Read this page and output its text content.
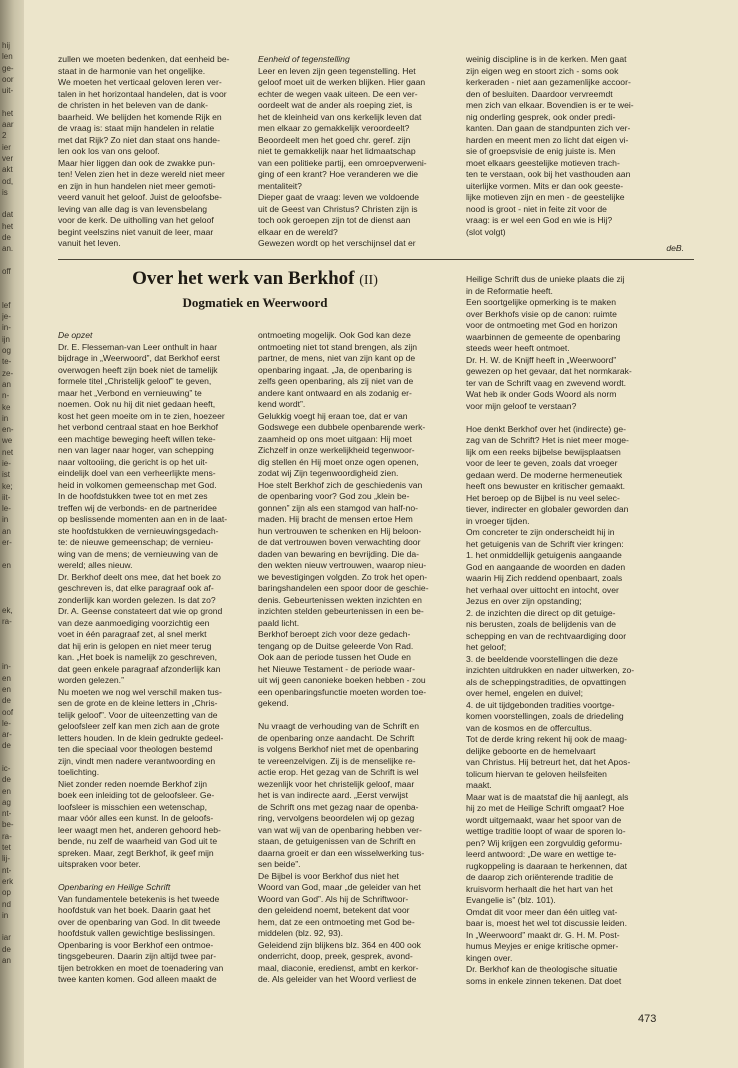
hij
len
ge-
oor
uit-

het
aar
2
ier
ver
akt
od,
is

dat
het
de
an.

off

lef
je-
in-
ijn
og
te-
ze-
an
n-
ke
in
en-
we
net
ie-
ist
ke;
iit-
le-
in
an
er-

en

ek,
ra-

in-
en
en
de
oof
le-
ar-
de

ic-
de
en
ag
nt-
be-
ra-
tet
lij-
nt-
erk
op
nd
in

iar
de
an

zullen we moeten bedenken, dat eenheid be-

staat in de harmonie van het ongelijke.

We moeten het verticaal geloven leren ver-

talen in het horizontaal handelen, dat is voor

de christen in het beleven van de dank-

baarheid. We belijden het komende Rijk en

de vraag is: staat mijn handelen in relatie

met dat Rijk? Zo niet dan staat ons hande-

len ook los van ons geloof.

Maar hier liggen dan ook de zwakke pun-

ten! Velen zien het in deze wereld niet meer

en zijn in hun handelen niet meer gemoti-

veerd vanuit het geloof. Juist de geloofsbe-

leving van alle dag is van levensbelang

voor de kerk. De uitholling van het geloof

begint veelszins niet vanuit de leer, maar

vanuit het leven.

Eenheid of tegenstelling

Leer en leven zijn geen tegenstelling. Het

geloof moet uit de werken blijken. Hier gaan

echter de wegen vaak uiteen. De een ver-

oordeelt wat de ander als roeping ziet, is

het de kleinheid van ons kerkelijk leven dat

men elkaar zo gemakkelijk veroordeelt?

Beoordeelt men het goed chr. geref. zijn

niet te gemakkelijk naar het lidmaatschap

van een politieke partij, een omroepverweni-

ging of een krant? Hoe veranderen we die

mentaliteit?

Dieper gaat de vraag: leven we voldoende

uit de Geest van Christus? Christen zijn is

toch ook geroepen zijn tot de dienst aan

elkaar en de wereld?

Gewezen wordt op het verschijnsel dat er

weinig discipline is in de kerken. Men gaat

zijn eigen weg en stoort zich - soms ook

kerkeraden - niet aan gezamenlijke accoor-

den of besluiten. Daardoor vervreemdt

men zich van elkaar. Bovendien is er te wei-

nig onderling gesprek, ook onder predi-

kanten. Dan gaan de standpunten zich ver-

harden en meent men zo licht dat eigen vi-

sie of groepsvisie de enig juiste is. Men

moet elkaars geestelijke motieven trach-

ten te verstaan, ook bij het vasthouden aan

uiterlijke vormen. Mits er dan ook geeste-

lijke motieven zijn en men - de geestelijke

nood is groot - niet in feite zit voor de

vraag: is er wel een God en wie is Hij?

(slot volgt)

deB.
Over het werk van Berkhof (II)
Dogmatiek en Weerwoord

De opzet

Dr. E. Flesseman-van Leer onthult in haar

bijdrage in „Weerwoord”, dat Berkhof eerst

overwogen heeft zijn boek niet de tamelijk

formele titel „Christelijk geloof” te geven,

maar het „Verbond en vernieuwing” te

noemen. Ook nu hij dit niet gedaan heeft,

kost het geen moeite om in te zien, hoezeer

het verbond centraal staat en hoe Berkhof

een machtige beweging heeft willen teke-

nen van lager naar hoger, van schepping

naar voltooiing, die gericht is op het uit-

eindelijk doel van een verheerlijkte mens-

heid in volkomen gemeenschap met God.

In de hoofdstukken twee tot en met zes

treffen wij de verbonds- en de partneridee

op beslissende momenten aan en in de laat-

ste hoofdstukken de vernieuwingsgedach-

te: de nieuwe gemeenschap; de vernieu-

wing van de mens; de vernieuwing van de

wereld; alles nieuw.

Dr. Berkhof deelt ons mee, dat het boek zo

geschreven is, dat elke paragraaf ook af-

zonderlijk kan worden gelezen. Is dat zo?

Dr. A. Geense constateert dat wie op grond

van deze aanmoediging voorzichtig een

voet in één paragraaf zet, al snel merkt

dat hij erin is gelopen en niet meer terug

kan. „Het boek is namelijk zo geschreven,

dat geen enkele paragraaf afzonderlijk kan

worden gelezen.”

Nu moeten we nog wel verschil maken tus-

sen de grote en de kleine letters in „Chris-

telijk geloof”. Voor de uiteenzetting van de

geloofsleer zelf kan men zich aan de grote

letters houden. In de klein gedrukte gedeel-

ten die speciaal voor theologen bestemd

zijn, vindt men nadere verantwoording en

toelichting.

Niet zonder reden noemde Berkhof zijn

boek een inleiding tot de geloofsleer. Ge-

loofsleer is misschien een wetenschap,

maar vóór alles een kunst. In de geloofs-

leer waagt men het, anderen gehoord heb-

bende, nu zelf de waarheid van God uit te

spreken. Maar, zegt Berkhof, ik geef mijn

uitspraken voor beter.

Openbaring en Heilige Schrift

Van fundamentele betekenis is het tweede

hoofdstuk van het boek. Daarin gaat het

over de openbaring van God. In dit tweede

hoofdstuk vallen gewichtige beslissingen.

Openbaring is voor Berkhof een ontmoe-

tingsgebeuren. Daarin zijn altijd twee par-

tijen betrokken en moet de toenadering van

twee kanten komen. God alleen maakt de

ontmoeting mogelijk. Ook God kan deze

ontmoeting niet tot stand brengen, als zijn

partner, de mens, niet van zijn kant op de

openbaring ingaat. „Ja, de openbaring is

zelfs geen openbaring, als zij niet van de

andere kant ontwaard en als zodanig er-

kend wordt”.

Gelukkig voegt hij eraan toe, dat er van

Godswege een dubbele openbarende werk-

zaamheid op ons moet uitgaan: Hij moet

Zichzelf in onze werkelijkheid tegenwoor-

dig stellen én Hij moet onze ogen openen,

zodat wij Zijn tegenwoordigheid zien.

Hoe stelt Berkhof zich de geschiedenis van

de openbaring voor? God zou „klein be-

gonnen” zijn als een stamgod van half-no-

maden. Hij bracht de mensen ertoe Hem

hun vertrouwen te schenken en Hij beloon-

de dat vertrouwen boven verwachting door

daden van bewaring en bevrijding. Die da-

den wekten nieuw vertrouwen, waarop nieu-

we bevestigingen volgden. Zo trok het open-

baringshandelen een spoor door de geschie-

denis. Gebeurtenissen wekten inzichten en

inzichten stelden gebeurtenissen in een be-

paald licht.

Berkhof beroept zich voor deze gedach-

tengang op de Duitse geleerde Von Rad.

Ook aan de periode tussen het Oude en

het Nieuwe Testament - de periode waar-

uit wij geen canonieke boeken hebben - zou

een openbaringsfunctie moeten worden toe-

gekend.

Nu vraagt de verhouding van de Schrift en

de openbaring onze aandacht. De Schrift

is volgens Berkhof niet met de openbaring

te vereenzelvigen. Zij is de menselijke re-

actie erop. Het gezag van de Schrift is wel

wezenlijk voor het christelijk geloof, maar

het is van indirecte aard. „Eerst verwijst

de Schrift ons met gezag naar de openba-

ring, vervolgens beoordelen wij op gezag

van wat wij van de openbaring hebben ver-

staan, de getuigenissen van de Schrift en

daarna groeit er dan een wisselwerking tus-

sen beide”.

De Bijbel is voor Berkhof dus niet het

Woord van God, maar „de geleider van het

Woord van God”. Als hij de Schriftwoor-

den geleidend noemt, betekent dat voor

hem, dat ze een ontmoeting met God be-

middelen (blz. 92, 93).

Geleidend zijn blijkens blz. 364 en 400 ook

onderricht, doop, preek, gesprek, avond-

maal, diaconie, eredienst, ambt en kerkor-

de. Als geleider van het Woord verliest de

Heilige Schrift dus de unieke plaats die zij

in de Reformatie heeft.

Een soortgelijke opmerking is te maken

over Berkhofs visie op de canon: ruimte

voor de ontmoeting met God en horizon

waarbinnen de gemeente de openbaring

steeds weer heeft ontmoet.

Dr. H. W. de Knijff heeft in „Weerwoord”

gewezen op het gevaar, dat het normkarak-

ter van de Schrift vaag en zwevend wordt.

Wat heb ik onder Gods Woord als norm

voor mijn geloof te verstaan?

Hoe denkt Berkhof over het (indirecte) ge-

zag van de Schrift? Het is niet meer moge-

lijk om een reeks bijbelse bewijsplaatsen

voor de leer te geven, zoals dat vroeger

gedaan werd. De moderne hermeneutiek

heeft ons bewuster en kritischer gemaakt.

Het beroep op de Bijbel is nu veel selec-

tiever, indirecter en globaler geworden dan

in vroeger tijden.

Om concreter te zijn onderscheidt hij in

het getuigenis van de Schrift vier kringen:

1. het onmiddellijk getuigenis aangaande

God en aangaande de woorden en daden

waarin Hij Zich reddend openbaart, zoals

het verhaal over uittocht en intocht, over

Jezus en over zijn opstanding;

2. de inzichten die direct op dit getuige-

nis berusten, zoals de belijdenis van de

schepping en van de rechtvaardiging door

het geloof;

3. de beeldende voorstellingen die deze

inzichten uitdrukken en nader uitwerken, zo-

als de scheppingstradities, de opvattingen

over hemel, engelen en duivel;

4. de uit tijdgebonden tradities voortge-

komen voorstellingen, zoals de driedeling

van de kosmos en de offercultus.

Tot de derde kring rekent hij ook de maag-

delijke geboorte en de hemelvaart

van Christus. Hij betreurt het, dat het Apos-

tolicum hiervan te geloven heilsfeiten

maakt.

Maar wat is de maatstaf die hij aanlegt, als

hij zo met de Heilige Schrift omgaat? Hoe

wordt uitgemaakt, waar het spoor van de

wettige traditie loopt of waar de sporen lo-

pen? Wij krijgen een zorgvuldig geformu-

leerd antwoord: „De ware en wettige te-

rugkoppeling is daaraan te herkennen, dat

de daarop zich oriënterende traditie de

kruisvorm herhaalt die het hart van het

Evangelie is” (blz. 101).

Omdat dit voor meer dan één uitleg vat-

baar is, moest het wel tot discussie leiden.

In „Weerwoord” maakt dr. G. H. M. Post-

humus Meyjes er enige kritische opmer-

kingen over.

Dr. Berkhof kan de theologische situatie

soms in enkele zinnen tekenen. Dat doet

473
